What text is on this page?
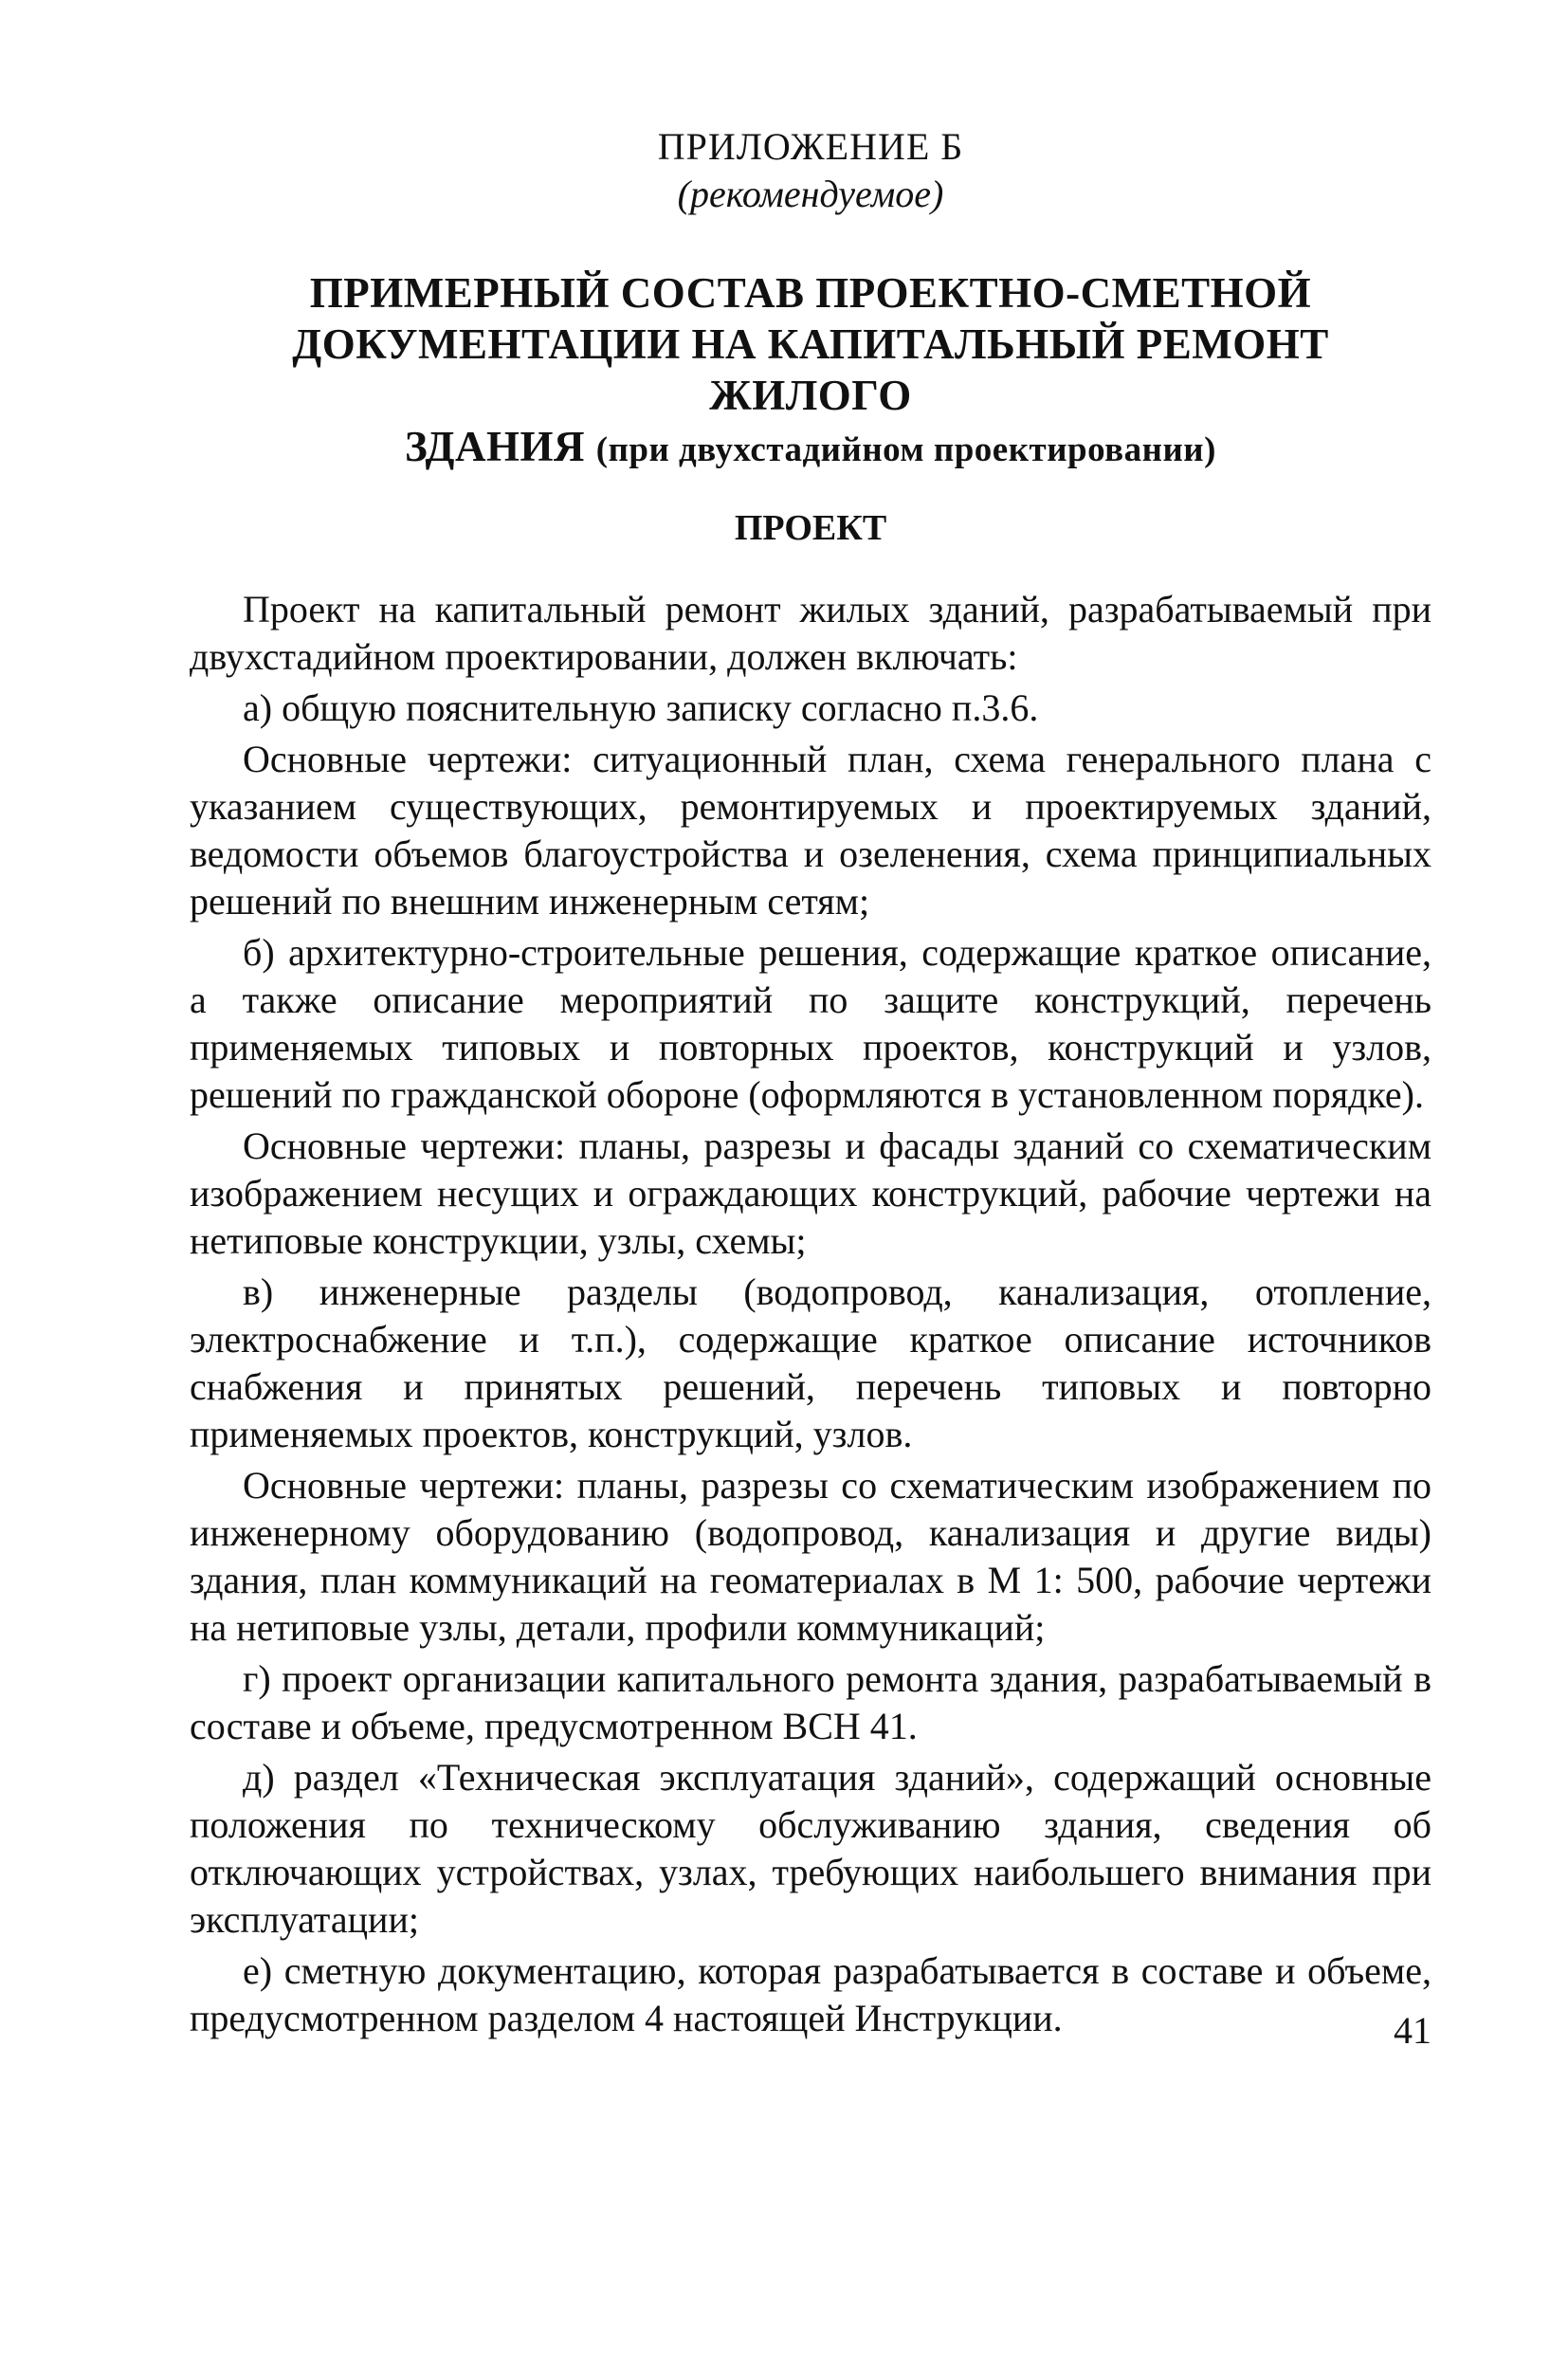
ПРИЛОЖЕНИЕ Б
(рекомендуемое)
ПРИМЕРНЫЙ СОСТАВ ПРОЕКТНО-СМЕТНОЙ
ДОКУМЕНТАЦИИ НА КАПИТАЛЬНЫЙ РЕМОНТ ЖИЛОГО
ЗДАНИЯ (при двухстадийном проектировании)
ПРОЕКТ

Проект на капитальный ремонт жилых зданий, разрабатываемый при двухстадийном проектировании, должен включать:

а) общую пояснительную записку согласно п.3.6.

Основные чертежи: ситуационный план, схема генерального плана с указанием существующих, ремонтируемых и проектируемых зданий, ведомости объемов благоустройства и озеленения, схема принципиальных решений по внешним инженерным сетям;

б) архитектурно-строительные решения, содержащие краткое описание, а также описание мероприятий по защите конструкций, перечень применяемых типовых и повторных проектов, конструкций и узлов, решений по гражданской обороне (оформляются в установленном порядке).

Основные чертежи: планы, разрезы и фасады зданий со схематическим изображением несущих и ограждающих конструкций, рабочие чертежи на нетиповые конструкции, узлы, схемы;

в) инженерные разделы (водопровод, канализация, отопление, электроснабжение и т.п.), содержащие краткое описание источников снабжения и принятых решений, перечень типовых и повторно применяемых проектов, конструкций, узлов.

Основные чертежи: планы, разрезы со схематическим изображением по инженерному оборудованию (водопровод, канализация и другие виды) здания, план коммуникаций на геоматериалах в М 1: 500, рабочие чертежи на нетиповые узлы, детали, профили коммуникаций;

г) проект организации капитального ремонта здания, разрабатываемый в составе и объеме, предусмотренном ВСН 41.

д) раздел «Техническая эксплуатация зданий», содержащий основные положения по техническому обслуживанию здания, сведения об отключающих устройствах, узлах, требующих наибольшего внимания при эксплуатации;

е) сметную документацию, которая разрабатывается в составе и объеме, предусмотренном разделом 4 настоящей Инструкции.	41
